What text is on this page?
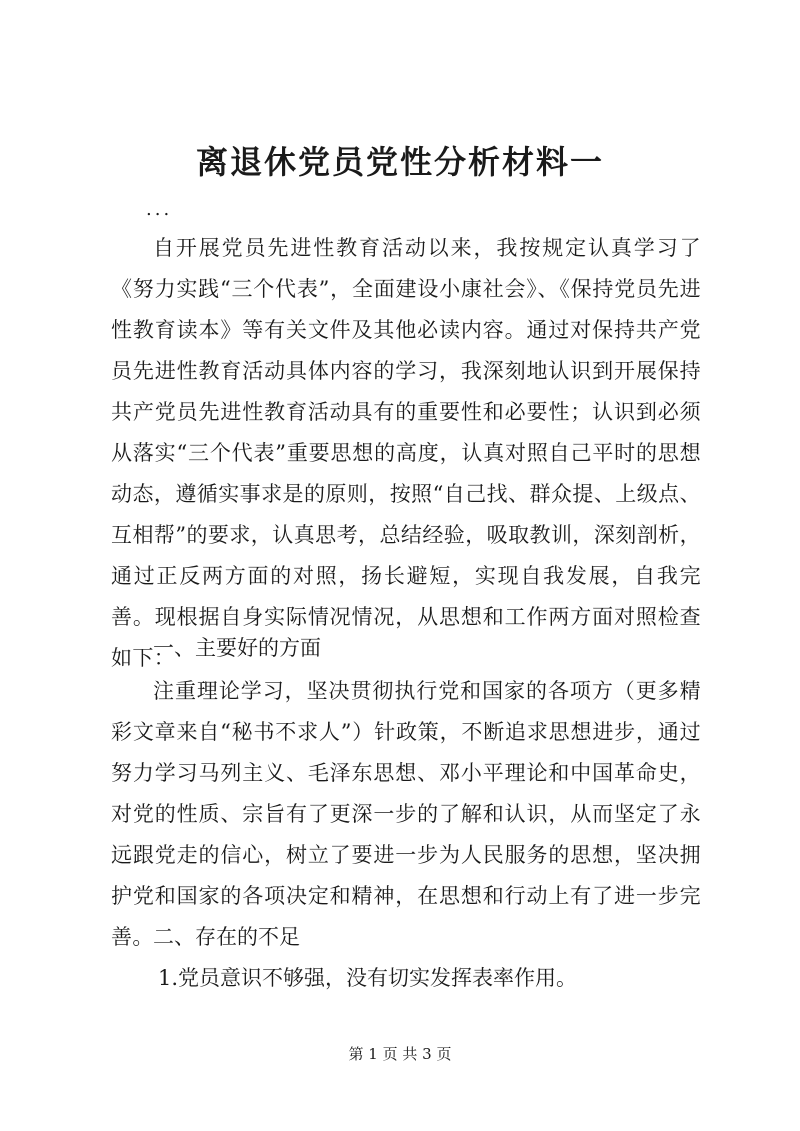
离退休党员党性分析材料一
...

自开展党员先进性教育活动以来，我按规定认真学习了《努力实践“三个代表”，全面建设小康社会》、《保持党员先进性教育读本》等有关文件及其他必读内容。通过对保持共产党员先进性教育活动具体内容的学习，我深刻地认识到开展保持共产党员先进性教育活动具有的重要性和必要性；认识到必须从落实“三个代表”重要思想的高度，认真对照自己平时的思想动态，遵循实事求是的原则，按照“自己找、群众提、上级点、互相帮”的要求，认真思考，总结经验，吸取教训，深刻剖析，通过正反两方面的对照，扬长避短，实现自我发展，自我完善。现根据自身实际情况情况，从思想和工作两方面对照检查如下：

一、主要好的方面

注重理论学习，坚决贯彻执行党和国家的各项方（更多精彩文章来自“秘书不求人”）针政策，不断追求思想进步，通过努力学习马列主义、毛泽东思想、邓小平理论和中国革命史，对党的性质、宗旨有了更深一步的了解和认识，从而坚定了永远跟党走的信心，树立了要进一步为人民服务的思想，坚决拥护党和国家的各项决定和精神，在思想和行动上有了进一步完善。 二、存在的不足

1.党员意识不够强，没有切实发挥表率作用。

第 1 页 共 3 页
